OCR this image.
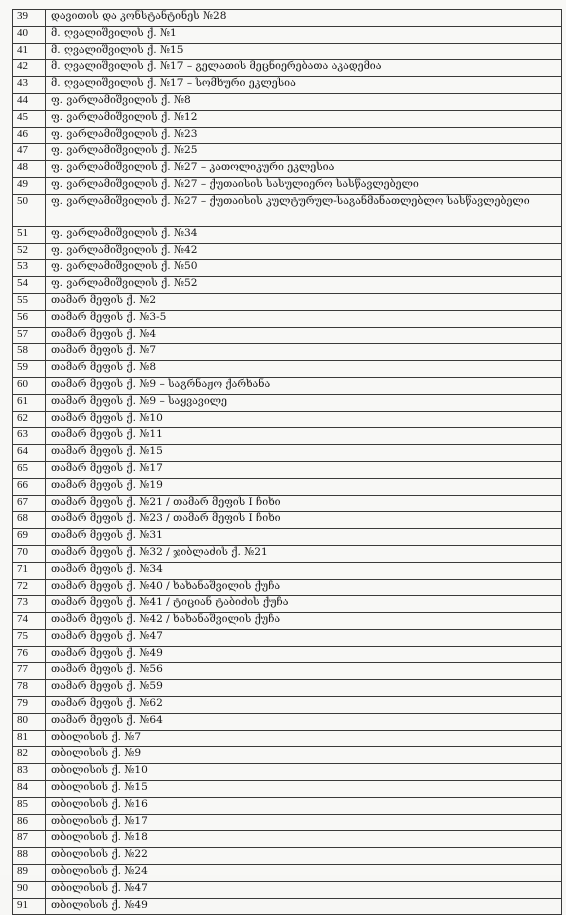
39	დავითის და კონსტანტინეს №28
40	მ. ღვალიშვილის ქ. №1
41	მ. ღვალიშვილის ქ. №15
42	მ. ღვალიშვილის ქ. №17 – გელათის მეცნიერებათა აკადემია
43	მ. ღვალიშვილის ქ. №17 – სომხური ეკლესია
44	ფ. ვარლამიშვილის ქ. №8
45	ფ. ვარლამიშვილის ქ. №12
46	ფ. ვარლამიშვილის ქ. №23
47	ფ. ვარლამიშვილის ქ. №25
48	ფ. ვარლამიშვილის ქ. №27 – კათოლიკური ეკლესია
49	ფ. ვარლამიშვილის ქ. №27 – ქუთაისის სასულიერო სასწავლებელი
50	ფ. ვარლამიშვილის ქ. №27 – ქუთაისის კულტურულ-საგანმანათლებლო სასწავლებელი
51	ფ. ვარლამიშვილის ქ. №34
52	ფ. ვარლამიშვილის ქ. №42
53	ფ. ვარლამიშვილის ქ. №50
54	ფ. ვარლამიშვილის ქ. №52
55	თამარ მეფის ქ. №2
56	თამარ მეფის ქ. №3-5
57	თამარ მეფის ქ. №4
58	თამარ მეფის ქ. №7
59	თამარ მეფის ქ. №8
60	თამარ მეფის ქ. №9 – საგრნაჟო ქარხანა
61	თამარ მეფის ქ. №9 – საყვავილე
62	თამარ მეფის ქ. №10
63	თამარ მეფის ქ. №11
64	თამარ მეფის ქ. №15
65	თამარ მეფის ქ. №17
66	თამარ მეფის ქ. №19
67	თამარ მეფის ქ. №21 / თამარ მეფის I ჩიხი
68	თამარ მეფის ქ. №23 / თამარ მეფის I ჩიხი
69	თამარ მეფის ქ. №31
70	თამარ მეფის ქ. №32 / ჯიბლაძის ქ. №21
71	თამარ მეფის ქ. №34
72	თამარ მეფის ქ. №40 / ხახანაშვილის ქუჩა
73	თამარ მეფის ქ. №41 / ტიციან ტაბიძის ქუჩა
74	თამარ მეფის ქ. №42 / ხახანაშვილის ქუჩა
75	თამარ მეფის ქ. №47
76	თამარ მეფის ქ. №49
77	თამარ მეფის ქ. №56
78	თამარ მეფის ქ. №59
79	თამარ მეფის ქ. №62
80	თამარ მეფის ქ. №64
81	თბილისის ქ. №7
82	თბილისის ქ. №9
83	თბილისის ქ. №10
84	თბილისის ქ. №15
85	თბილისის ქ. №16
86	თბილისის ქ. №17
87	თბილისის ქ. №18
88	თბილისის ქ. №22
89	თბილისის ქ. №24
90	თბილისის ქ. №47
91	თბილისის ქ. №49
